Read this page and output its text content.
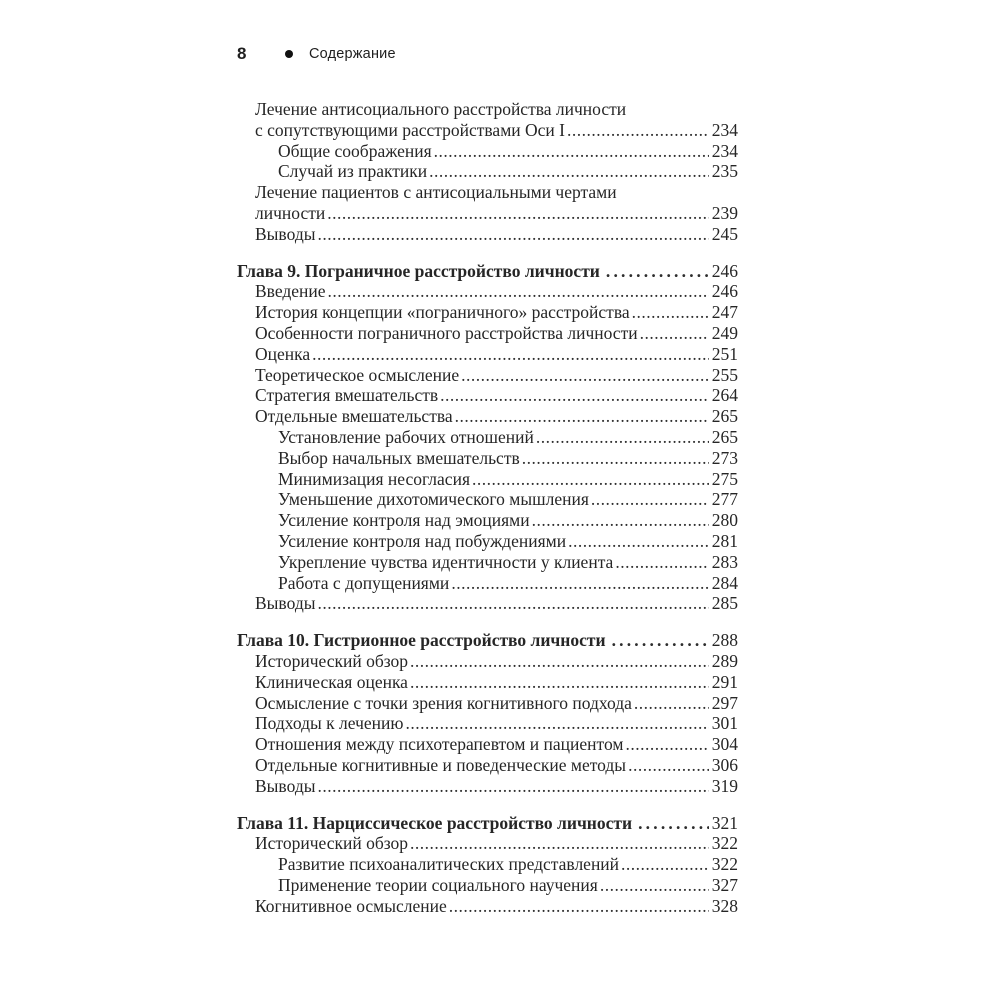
8	Содержание
Лечение антисоциального расстройства личности
с сопутствующими расстройствами Оси I .....	234
Общие соображения .....	234
Случай из практики .....	235
Лечение пациентов с антисоциальными чертами
личности .....	239
Выводы .....	245
Глава 9. Пограничное расстройство личности .....	246
Введение .....	246
История концепции «пограничного» расстройства .....	247
Особенности пограничного расстройства личности .....	249
Оценка .....	251
Теоретическое осмысление .....	255
Стратегия вмешательств .....	264
Отдельные вмешательства .....	265
Установление рабочих отношений .....	265
Выбор начальных вмешательств .....	273
Минимизация несогласия .....	275
Уменьшение дихотомического мышления .....	277
Усиление контроля над эмоциями .....	280
Усиление контроля над побуждениями .....	281
Укрепление чувства идентичности у клиента .....	283
Работа с допущениями .....	284
Выводы .....	285
Глава 10. Гистрионное расстройство личности .....	288
Исторический обзор .....	289
Клиническая оценка .....	291
Осмысление с точки зрения когнитивного подхода .....	297
Подходы к лечению .....	301
Отношения между психотерапевтом и пациентом .....	304
Отдельные когнитивные и поведенческие методы .....	306
Выводы .....	319
Глава 11. Нарциссическое расстройство личности .....	321
Исторический обзор .....	322
Развитие психоаналитических представлений .....	322
Применение теории социального научения .....	327
Когнитивное осмысление .....	328
